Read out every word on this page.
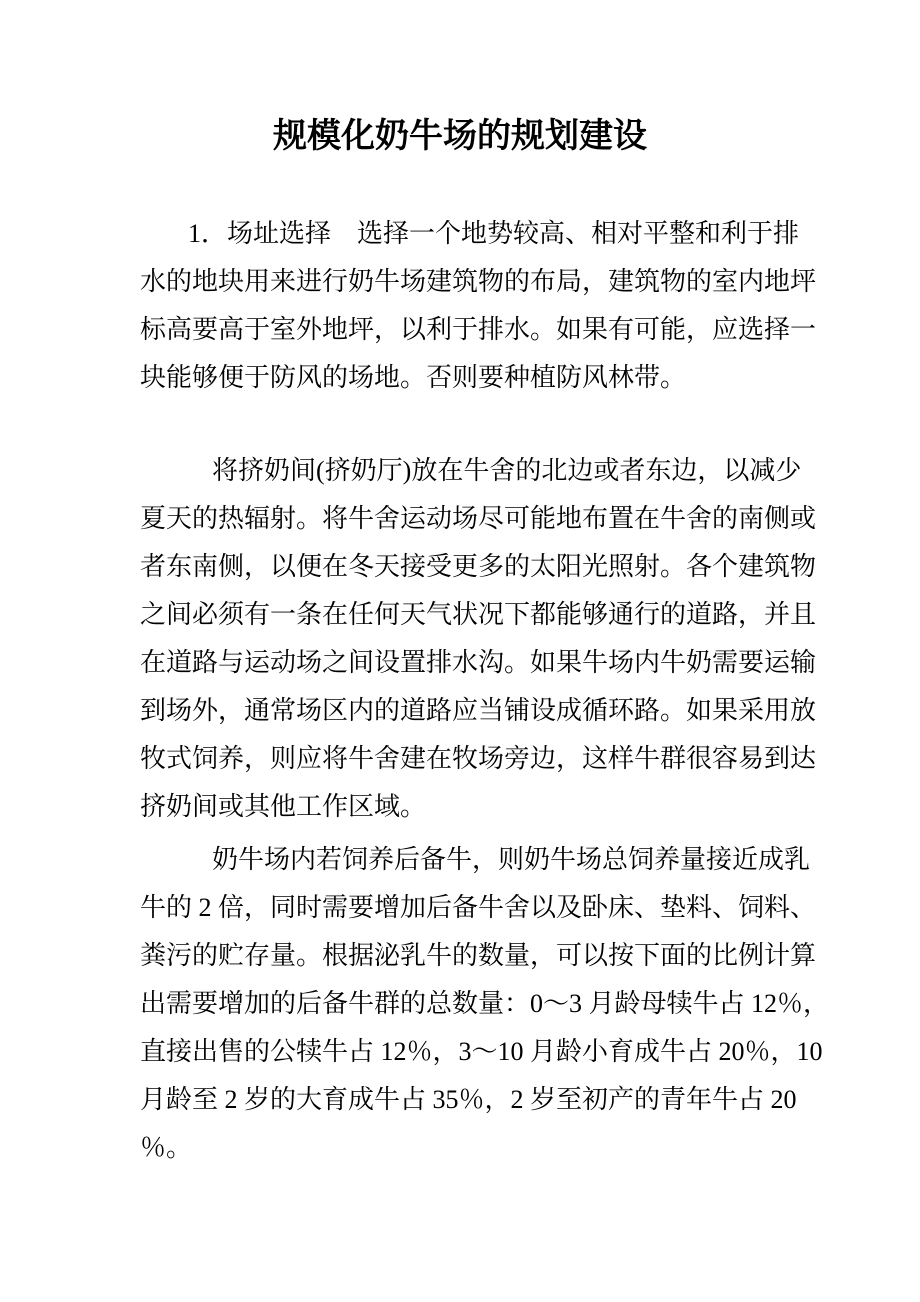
规模化奶牛场的规划建设
1．场址选择　选择一个地势较高、相对平整和利于排
水的地块用来进行奶牛场建筑物的布局，建筑物的室内地坪
标高要高于室外地坪，以利于排水。如果有可能，应选择一
块能够便于防风的场地。否则要种植防风林带。
将挤奶间(挤奶厅)放在牛舍的北边或者东边，以减少
夏天的热辐射。将牛舍运动场尽可能地布置在牛舍的南侧或
者东南侧，以便在冬天接受更多的太阳光照射。各个建筑物
之间必须有一条在任何天气状况下都能够通行的道路，并且
在道路与运动场之间设置排水沟。如果牛场内牛奶需要运输
到场外，通常场区内的道路应当铺设成循环路。如果采用放
牧式饲养，则应将牛舍建在牧场旁边，这样牛群很容易到达
挤奶间或其他工作区域。
奶牛场内若饲养后备牛，则奶牛场总饲养量接近成乳
牛的 2 倍，同时需要增加后备牛舍以及卧床、垫料、饲料、
粪污的贮存量。根据泌乳牛的数量，可以按下面的比例计算
出需要增加的后备牛群的总数量：0～3 月龄母犊牛占 12％，
直接出售的公犊牛占 12％，3～10 月龄小育成牛占 20％，10
月龄至 2 岁的大育成牛占 35％，2 岁至初产的青年牛占 20
％。
